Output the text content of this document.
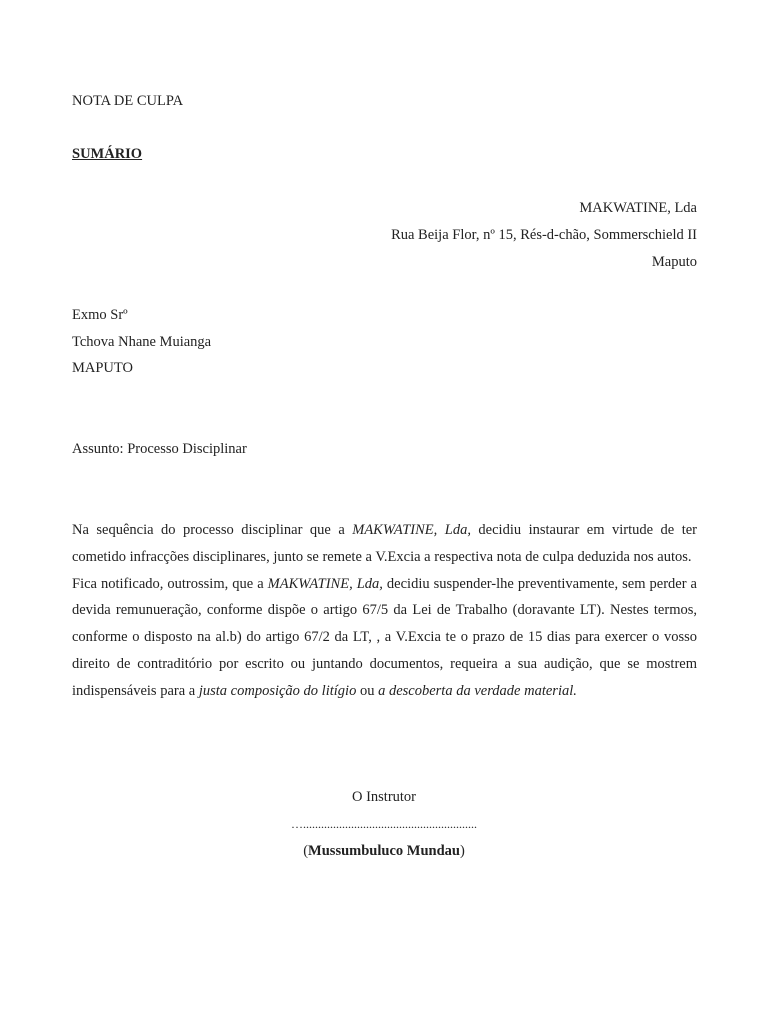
NOTA DE CULPA
SUMÁRIO
MAKWATINE, Lda
Rua Beija Flor, nº 15, Rés-d-chão, Sommerschield II
Maputo
Exmo Srº
Tchova Nhane Muianga
MAPUTO
Assunto: Processo Disciplinar

Na sequência do processo disciplinar que a MAKWATINE, Lda, decidiu instaurar em virtude de ter cometido infracções disciplinares, junto se remete a V.Excia a respectiva nota de culpa deduzida nos autos.

Fica notificado, outrossim, que a MAKWATINE, Lda, decidiu suspender-lhe preventivamente, sem perder a devida remunueração, conforme dispõe o artigo 67/5 da Lei de Trabalho (doravante LT). Nestes termos, conforme o disposto na al.b) do artigo 67/2 da LT, , a V.Excia te o prazo de 15 dias para exercer o vosso direito de contraditório por escrito ou juntando documentos, requeira a sua audição, que se mostrem indispensáveis para a justa composição do litígio ou a descoberta da verdade material.

O Instrutor
…..........................................................
(Mussumbuluco Mundau)
